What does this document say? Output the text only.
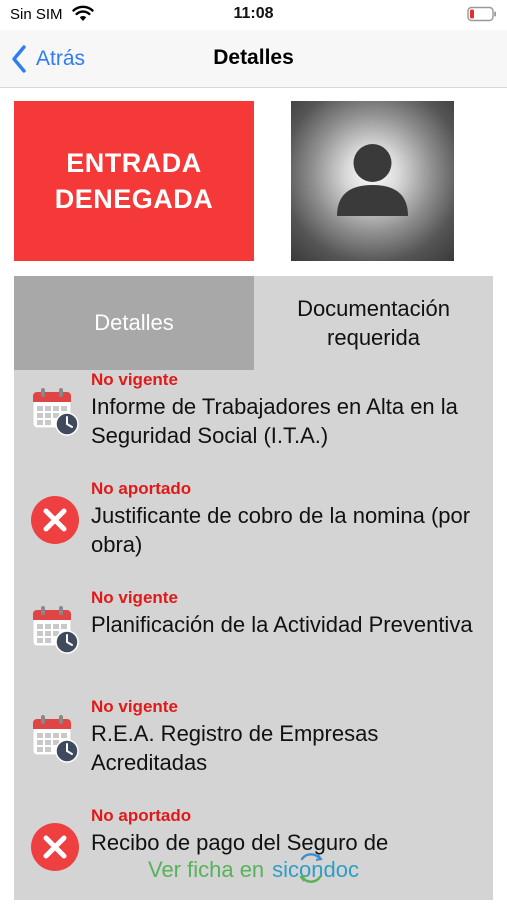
Sin SIM	11:08
Atrás	Detalles
ENTRADA
DENEGADA
Detalles
Documentación
requerida
No vigente
Informe de Trabajadores en Alta en la Seguridad Social (I.T.A.)
No aportado
Justificante de cobro de la nomina (por obra)
No vigente
Planificación de la Actividad Preventiva
No vigente
R.E.A. Registro de Empresas Acreditadas
No aportado
Recibo de pago del Seguro de
Ver ficha en sicondoc
